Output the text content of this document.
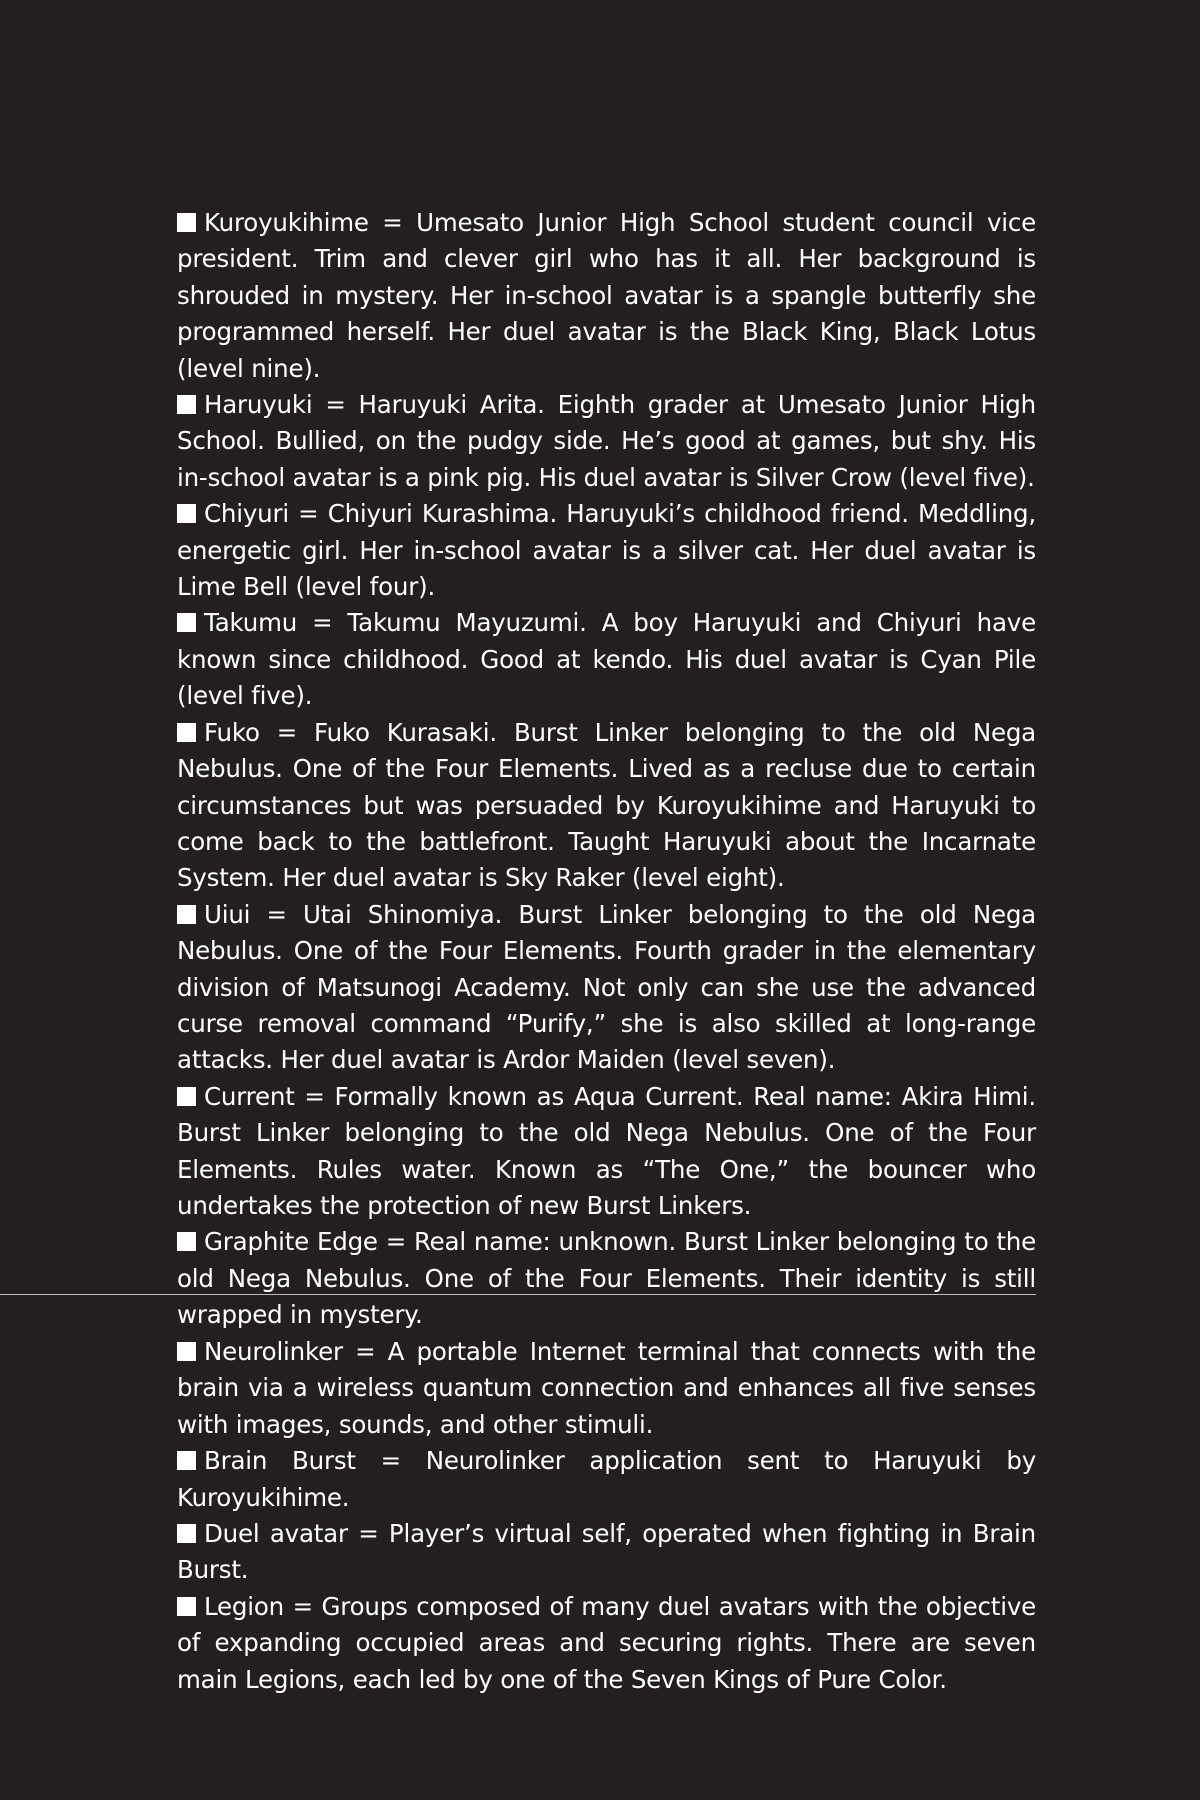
Kuroyukihime = Umesato Junior High School student council vice president. Trim and clever girl who has it all. Her background is shrouded in mystery. Her in-school avatar is a spangle butterfly she programmed herself. Her duel avatar is the Black King, Black Lotus (level nine).

Haruyuki = Haruyuki Arita. Eighth grader at Umesato Junior High School. Bullied, on the pudgy side. He’s good at games, but shy. His in-school avatar is a pink pig. His duel avatar is Silver Crow (level five).

Chiyuri = Chiyuri Kurashima. Haruyuki’s childhood friend. Meddling, energetic girl. Her in-school avatar is a silver cat. Her duel avatar is Lime Bell (level four).

Takumu = Takumu Mayuzumi. A boy Haruyuki and Chiyuri have known since childhood. Good at kendo. His duel avatar is Cyan Pile (level five).

Fuko = Fuko Kurasaki. Burst Linker belonging to the old Nega Nebulus. One of the Four Elements. Lived as a recluse due to certain circumstances but was persuaded by Kuroyukihime and Haruyuki to come back to the battlefront. Taught Haruyuki about the Incarnate System. Her duel avatar is Sky Raker (level eight).

Uiui = Utai Shinomiya. Burst Linker belonging to the old Nega Nebulus. One of the Four Elements. Fourth grader in the elementary division of Matsunogi Academy. Not only can she use the advanced curse removal command “Purify,” she is also skilled at long-range attacks. Her duel avatar is Ardor Maiden (level seven).

Current = Formally known as Aqua Current. Real name: Akira Himi. Burst Linker belonging to the old Nega Nebulus. One of the Four Elements. Rules water. Known as “The One,” the bouncer who undertakes the protection of new Burst Linkers.

Graphite Edge = Real name: unknown. Burst Linker belonging to the old Nega Nebulus. One of the Four Elements. Their identity is still wrapped in mystery.

Neurolinker = A portable Internet terminal that connects with the brain via a wireless quantum connection and enhances all five senses with images, sounds, and other stimuli.

Brain Burst = Neurolinker application sent to Haruyuki by Kuroyukihime.

Duel avatar = Player’s virtual self, operated when fighting in Brain Burst.

Legion = Groups composed of many duel avatars with the objective of expanding occupied areas and securing rights. There are seven main Legions, each led by one of the Seven Kings of Pure Color.
